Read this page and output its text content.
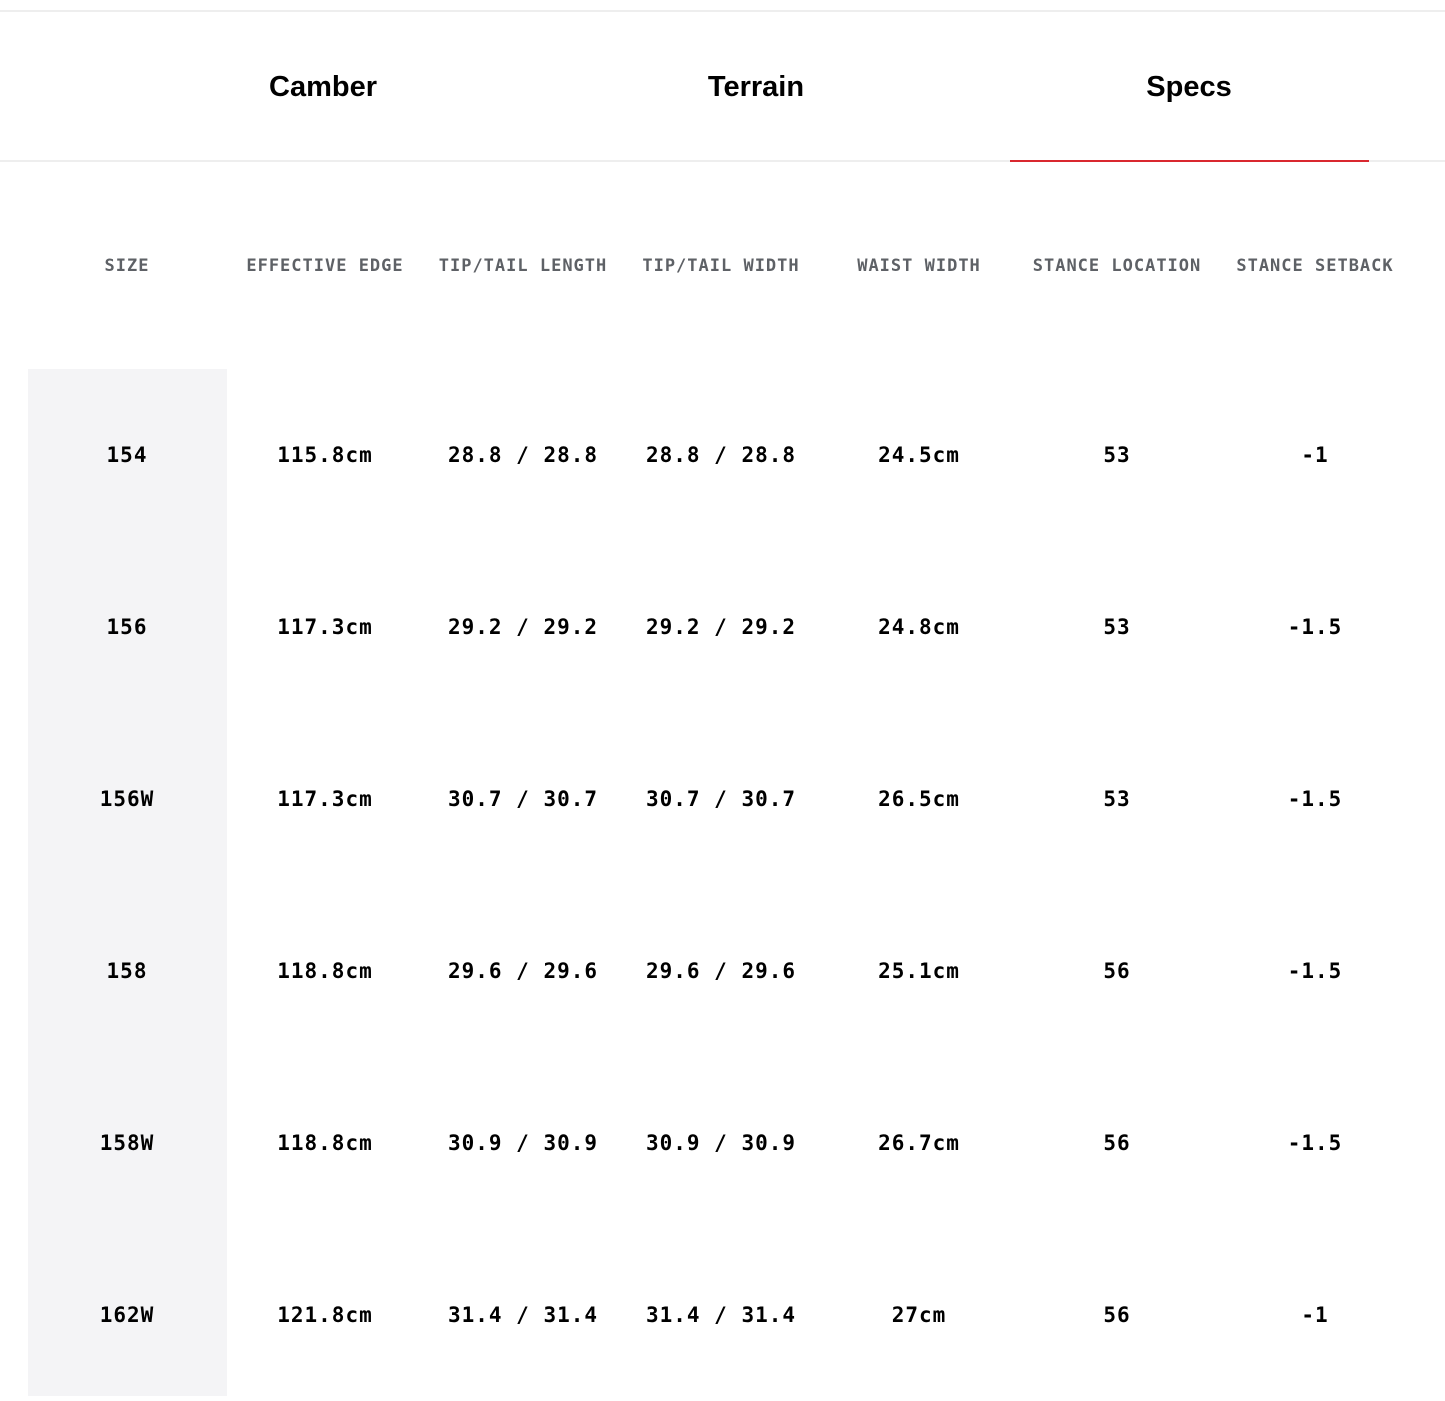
Camber	Terrain	Specs
SIZE	EFFECTIVE EDGE	TIP/TAIL LENGTH	TIP/TAIL WIDTH	WAIST WIDTH	STANCE LOCATION	STANCE SETBACK
154	115.8cm	28.8 / 28.8	28.8 / 28.8	24.5cm	53	-1
156	117.3cm	29.2 / 29.2	29.2 / 29.2	24.8cm	53	-1.5
156W	117.3cm	30.7 / 30.7	30.7 / 30.7	26.5cm	53	-1.5
158	118.8cm	29.6 / 29.6	29.6 / 29.6	25.1cm	56	-1.5
158W	118.8cm	30.9 / 30.9	30.9 / 30.9	26.7cm	56	-1.5
162W	121.8cm	31.4 / 31.4	31.4 / 31.4	27cm	56	-1
